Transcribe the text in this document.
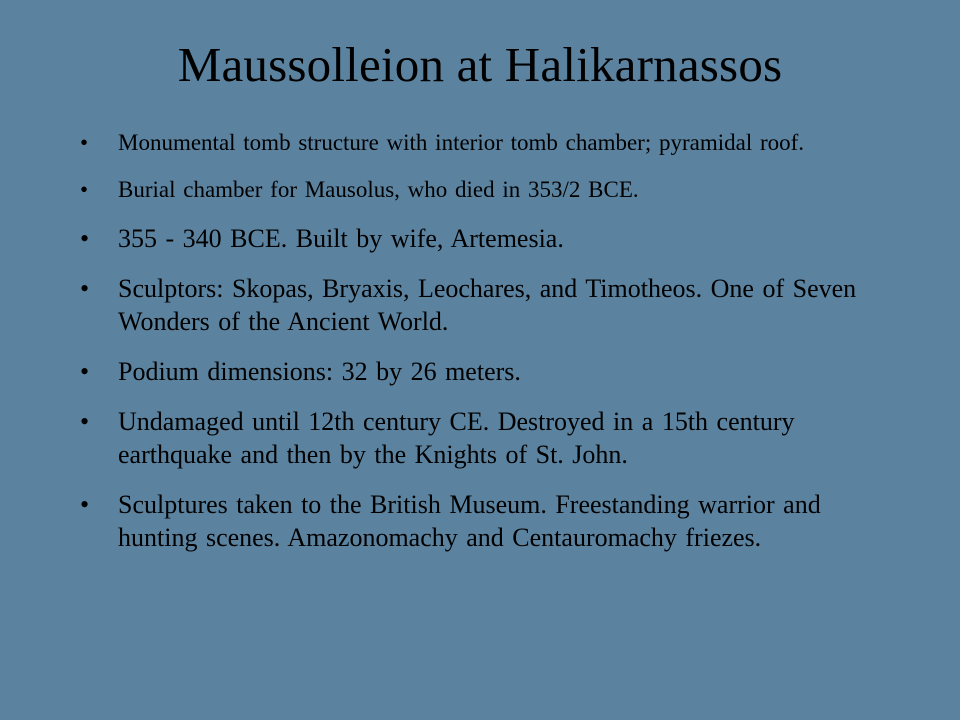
Maussolleion at Halikarnassos
•	Monumental tomb structure with interior tomb chamber; pyramidal roof.
•	Burial chamber for Mausolus, who died in 353/2 BCE.
•	355 - 340 BCE. Built by wife, Artemesia.
•	Sculptors: Skopas, Bryaxis, Leochares, and Timotheos. One of Seven Wonders of the Ancient World.
•	Podium dimensions: 32 by 26 meters.
•	Undamaged until 12th century CE. Destroyed in a 15th century earthquake and then by the Knights of St. John.
•	Sculptures taken to the British Museum. Freestanding warrior and hunting scenes. Amazonomachy and Centauromachy friezes.
